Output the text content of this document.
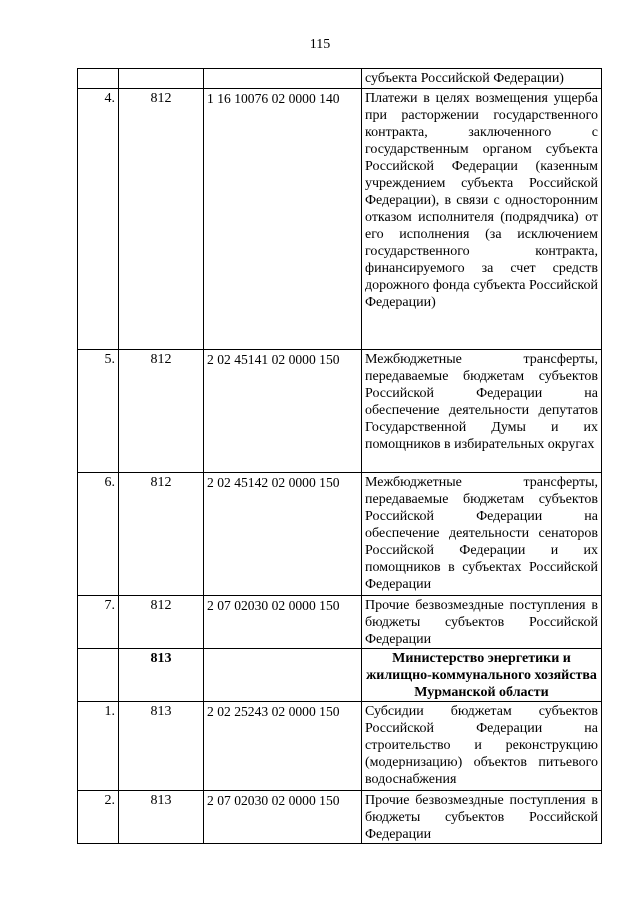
115
			субъекта Российской Федерации)
4.	812	1 16 10076 02 0000 140	Платежи в целях возмещения ущерба при расторжении государственного контракта, заключенного с государственным органом субъекта Российской Федерации (казенным учреждением субъекта Российской Федерации), в связи с односторонним отказом исполнителя (подрядчика) от его исполнения (за исключением государственного контракта, финансируемого за счет средств дорожного фонда субъекта Российской Федерации)
5.	812	2 02 45141 02 0000 150	Межбюджетные трансферты, передаваемые бюджетам субъектов Российской Федерации на обеспечение деятельности депутатов Государственной Думы и их помощников в избирательных округах
6.	812	2 02 45142 02 0000 150	Межбюджетные трансферты, передаваемые бюджетам субъектов Российской Федерации на обеспечение деятельности сенаторов Российской Федерации и их помощников в субъектах Российской Федерации
7.	812	2 07 02030 02 0000 150	Прочие безвозмездные поступления в бюджеты субъектов Российской Федерации
	813		Министерство энергетики и жилищно-коммунального хозяйства Мурманской области
1.	813	2 02 25243 02 0000 150	Субсидии бюджетам субъектов Российской Федерации на строительство и реконструкцию (модернизацию) объектов питьевого водоснабжения
2.	813	2 07 02030 02 0000 150	Прочие безвозмездные поступления в бюджеты субъектов Российской Федерации
